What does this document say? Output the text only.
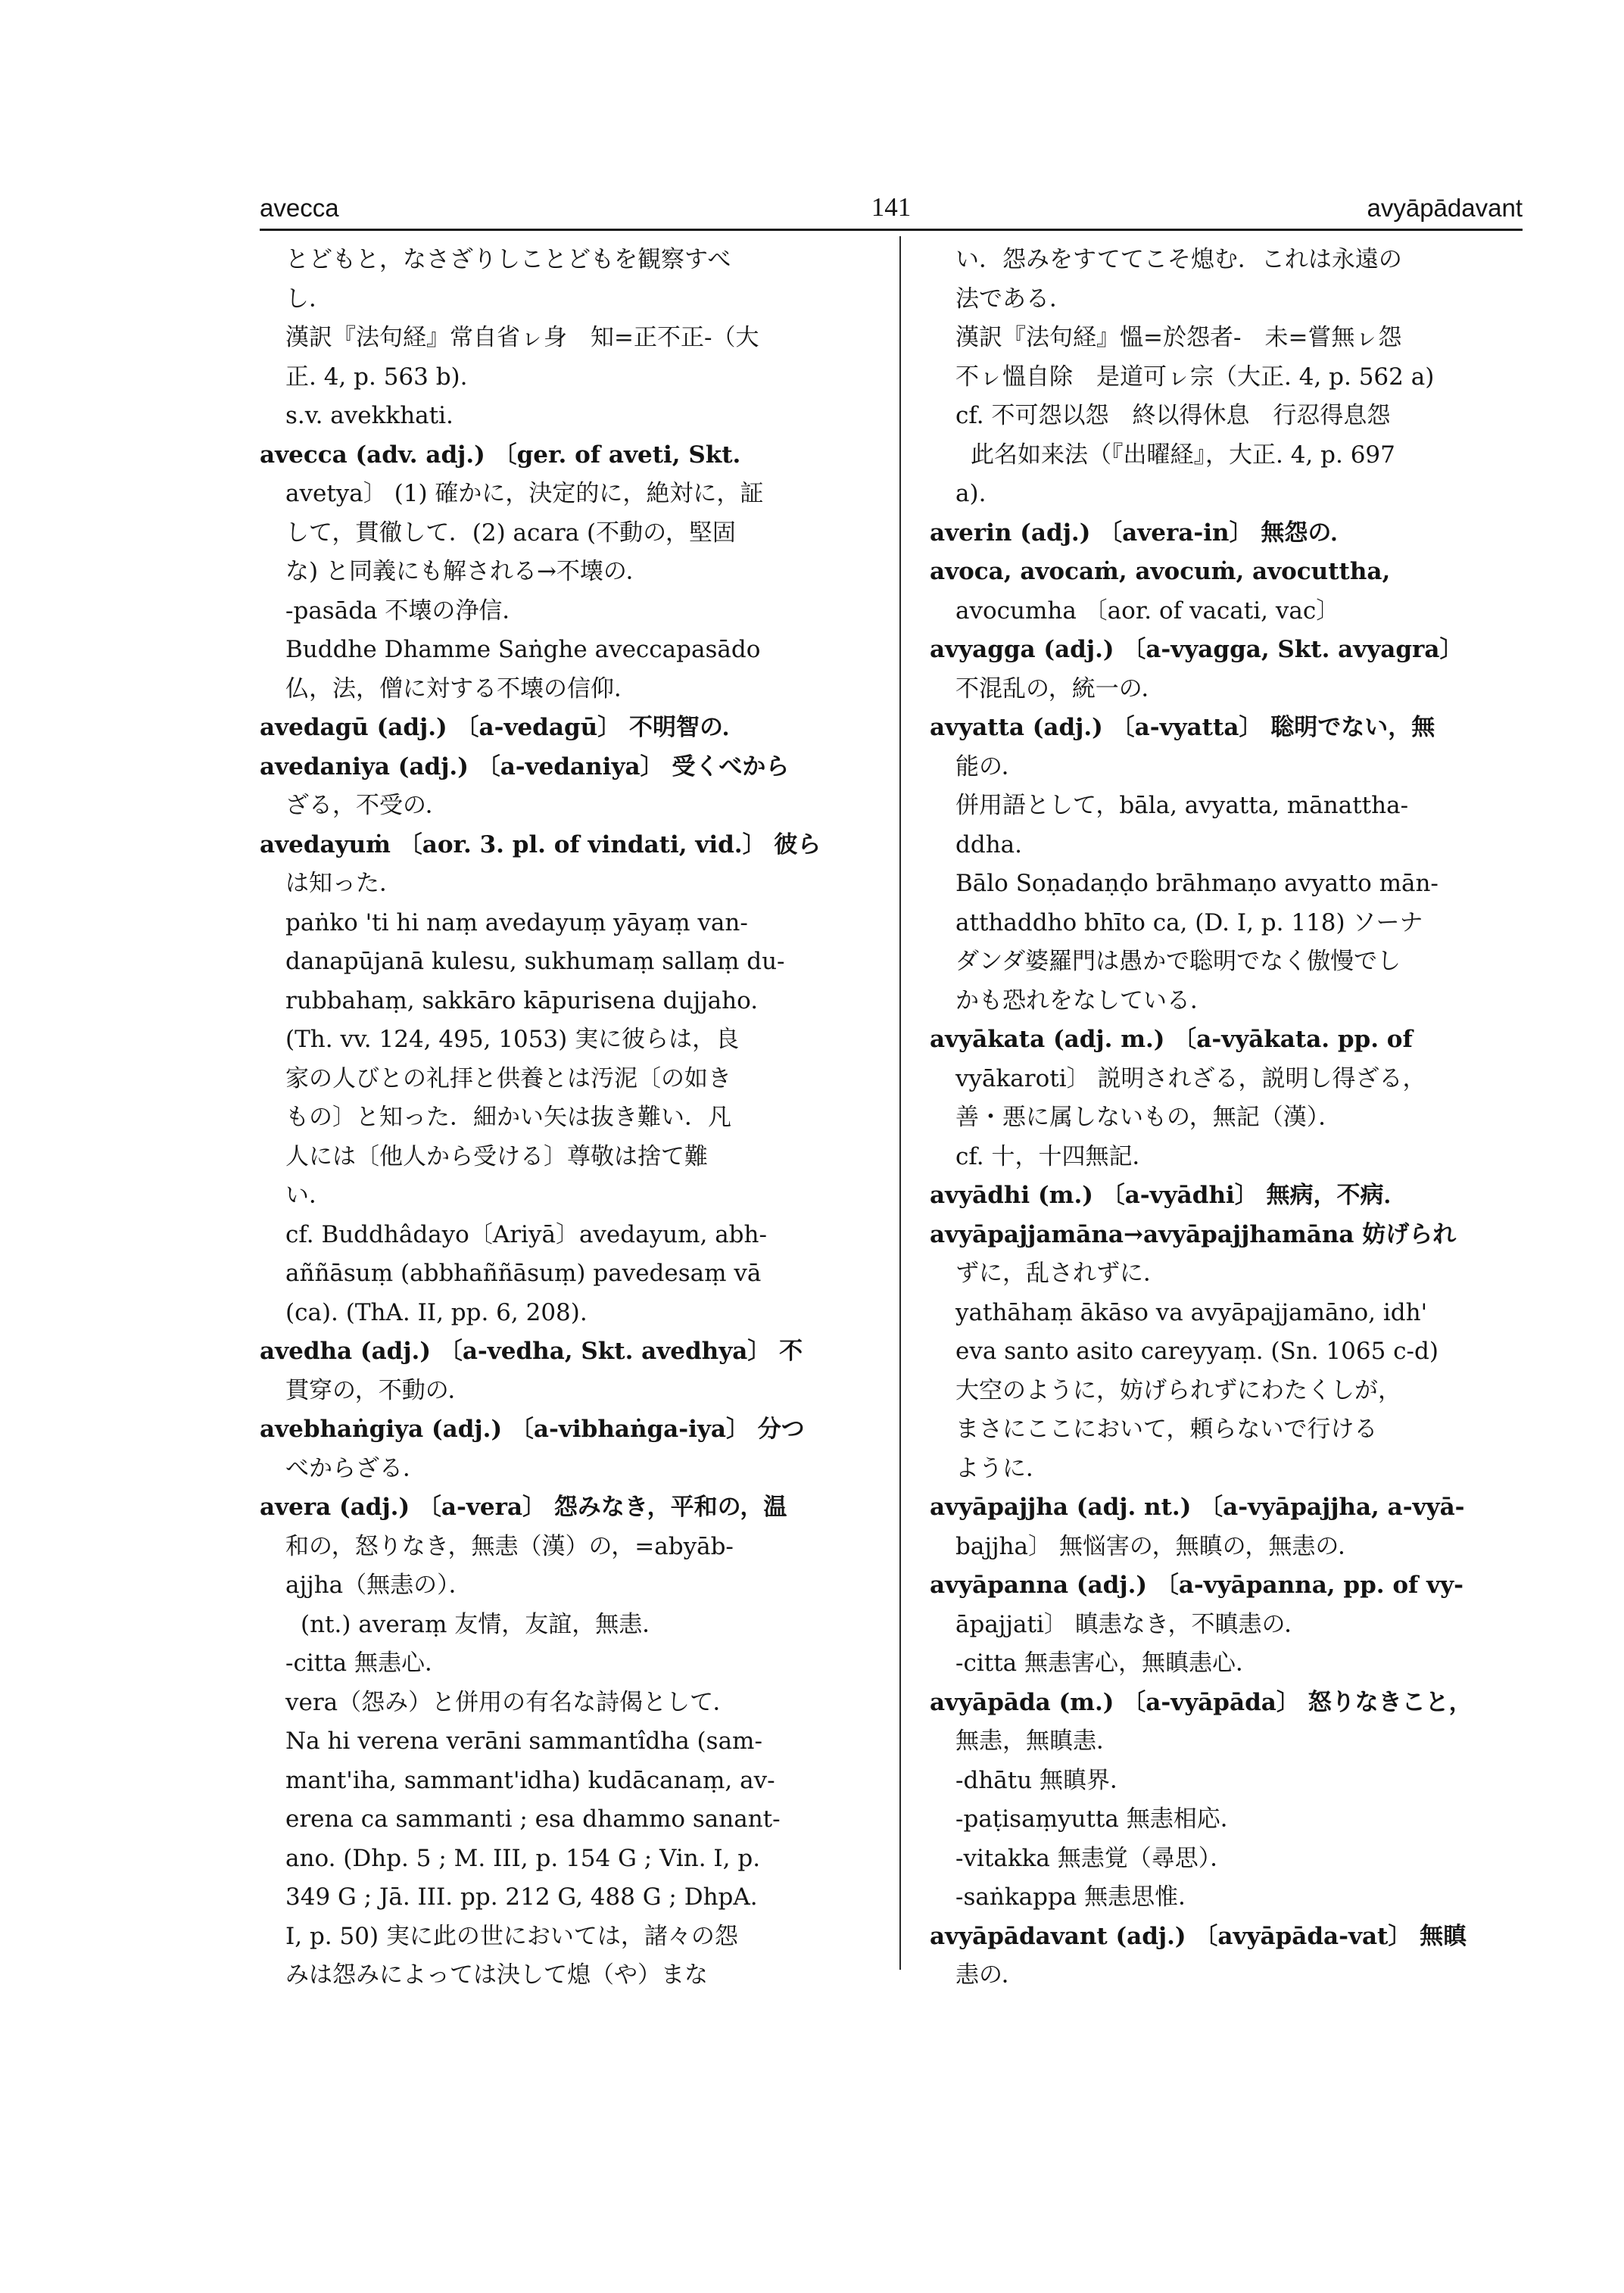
avecca	141	avyāpādavant
とどもと，なさざりしことどもを観察すべ
し．
漢訳『法句経』常自省ㇾ身　知=正不正-（大
正. 4, p. 563 b).
s.v. avekkhati.
avecca (adv. adj.) 〔ger. of aveti, Skt.
avetya〕 (1) 確かに，決定的に，絶対に，証
して，貫徹して．(2) acara (不動の，堅固
な) と同義にも解される→不壊の．
-pasāda 不壊の浄信．
Buddhe Dhamme Saṅghe aveccapasādo
仏，法，僧に対する不壊の信仰．
avedagū (adj.) 〔a-vedagū〕 不明智の．
avedaniya (adj.) 〔a-vedaniya〕 受くべから
ざる，不受の．
avedayuṁ 〔aor. 3. pl. of vindati, vid.〕 彼ら
は知った．
paṅko 'ti hi naṃ avedayuṃ yāyaṃ van-
danapūjanā kulesu, sukhumaṃ sallaṃ du-
rubbahaṃ, sakkāro kāpurisena dujjaho.
(Th. vv. 124, 495, 1053) 実に彼らは，良
家の人びとの礼拝と供養とは汚泥〔の如き
もの〕と知った．細かい矢は抜き難い．凡
人には〔他人から受ける〕尊敬は捨て難
い．
cf. Buddhâdayo〔Ariyā〕avedayum, abh-
aññāsuṃ (abbhaññāsuṃ) pavedesaṃ vā
(ca). (ThA. II, pp. 6, 208).
avedha (adj.) 〔a-vedha, Skt. avedhya〕 不
貫穿の，不動の．
avebhaṅgiya (adj.) 〔a-vibhaṅga-iya〕 分つ
べからざる．
avera (adj.) 〔a-vera〕 怨みなき，平和の，温
和の，怒りなき，無恚（漢）の，=abyāb-
ajjha（無恚の）．
(nt.) averaṃ 友情，友誼，無恚．
-citta 無恚心．
vera（怨み）と併用の有名な詩偈として．
Na hi verena verāni sammantîdha (sam-
mant'iha, sammant'idha) kudācanaṃ, av-
erena ca sammanti ; esa dhammo sanant-
ano. (Dhp. 5 ; M. III, p. 154 G ; Vin. I, p.
349 G ; Jā. III. pp. 212 G, 488 G ; DhpA.
I, p. 50) 実に此の世においては，諸々の怨
みは怨みによっては決して熄（や）まな
い．怨みをすててこそ熄む．これは永遠の
法である．
漢訳『法句経』慍=於怨者-　未=嘗無ㇾ怨
不ㇾ慍自除　是道可ㇾ宗（大正. 4, p. 562 a)
cf. 不可怨以怨　終以得休息　行忍得息怨
此名如来法（『出曜経』，大正. 4, p. 697
a).
averin (adj.) 〔avera-in〕 無怨の．
avoca, avocaṁ, avocuṁ, avocuttha,
avocumha 〔aor. of vacati, vac〕
avyagga (adj.) 〔a-vyagga, Skt. avyagra〕
不混乱の，統一の．
avyatta (adj.) 〔a-vyatta〕 聡明でない，無
能の．
併用語として，bāla, avyatta, mānattha-
ddha.
Bālo Soṇadaṇḍo brāhmaṇo avyatto mān-
atthaddho bhīto ca, (D. I, p. 118) ソーナ
ダンダ婆羅門は愚かで聡明でなく傲慢でし
かも恐れをなしている．
avyākata (adj. m.) 〔a-vyākata. pp. of
vyākaroti〕 説明されざる，説明し得ざる，
善・悪に属しないもの，無記（漢）．
cf. 十，十四無記．
avyādhi (m.) 〔a-vyādhi〕 無病，不病．
avyāpajjamāna→avyāpajjhamāna 妨げられ
ずに，乱されずに．
yathāhaṃ ākāso va avyāpajjamāno, idh'
eva santo asito careyyaṃ. (Sn. 1065 c-d)
大空のように，妨げられずにわたくしが，
まさにここにおいて，頼らないで行ける
ように．
avyāpajjha (adj. nt.) 〔a-vyāpajjha, a-vyā-
bajjha〕 無悩害の，無瞋の，無恚の．
avyāpanna (adj.) 〔a-vyāpanna, pp. of vy-
āpajjati〕 瞋恚なき，不瞋恚の．
-citta 無恚害心，無瞋恚心．
avyāpāda (m.) 〔a-vyāpāda〕 怒りなきこと，
無恚，無瞋恚．
-dhātu 無瞋界．
-paṭisaṃyutta 無恚相応．
-vitakka 無恚覚（尋思）．
-saṅkappa 無恚思惟．
avyāpādavant (adj.) 〔avyāpāda-vat〕 無瞋
恚の．
